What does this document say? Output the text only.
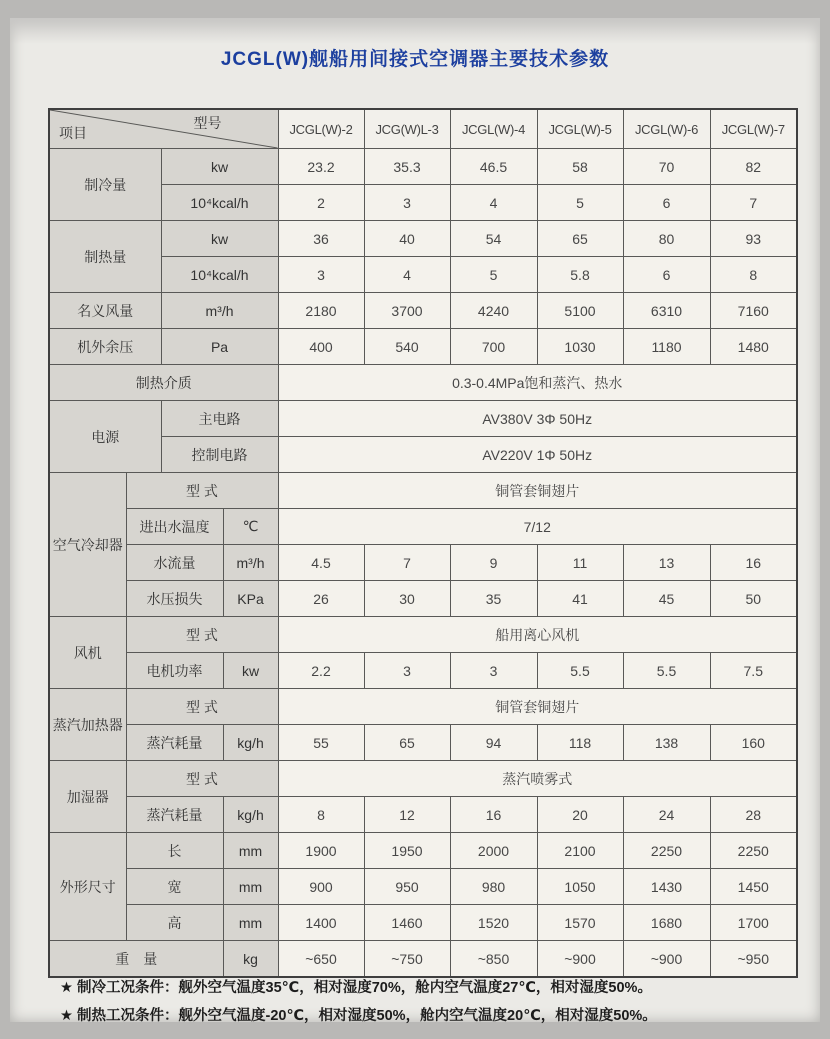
JCGL(W)舰船用间接式空调器主要技术参数
项目
型号				JCGL(W)-2	JCG(W)L-3	JCGL(W)-4	JCGL(W)-5	JCGL(W)-6	JCGL(W)-7
制冷量		kw		23.2	35.3	46.5	58	70	82
		10⁴kcal/h		2	3	4	5	6	7
制热量		kw		36	40	54	65	80	93
		10⁴kcal/h		3	4	5	5.8	6	8
名义风量		m³/h		2180	3700	4240	5100	6310	7160
机外余压		Pa		400	540	700	1030	1180	1480
制热介质				0.3-0.4MPa饱和蒸汽、热水					
电源		主电路		AV380V 3Φ 50Hz					
		控制电路		AV220V 1Φ 50Hz					
空气冷却器	型 式			铜管套铜翅片					
	进出水温度		℃	7/12					
	水流量		m³/h	4.5	7	9	11	13	16
	水压损失		KPa	26	30	35	41	45	50
风机	型 式			船用离心风机					
	电机功率		kw	2.2	3	3	5.5	5.5	7.5
蒸汽加热器	型 式			铜管套铜翅片					
	蒸汽耗量		kg/h	55	65	94	118	138	160
加湿器	型 式			蒸汽喷雾式					
	蒸汽耗量		kg/h	8	12	16	20	24	28
外形尺寸	长		mm	1900	1950	2000	2100	2250	2250
	宽		mm	900	950	980	1050	1430	1450
	高		mm	1400	1460	1520	1570	1680	1700
重　量			kg	~650	~750	~850	~900	~900	~950
★ 制冷工况条件：舰外空气温度35℃，相对湿度70%，舱内空气温度27℃，相对湿度50%。
★ 制热工况条件：舰外空气温度-20℃，相对湿度50%，舱内空气温度20℃，相对湿度50%。
